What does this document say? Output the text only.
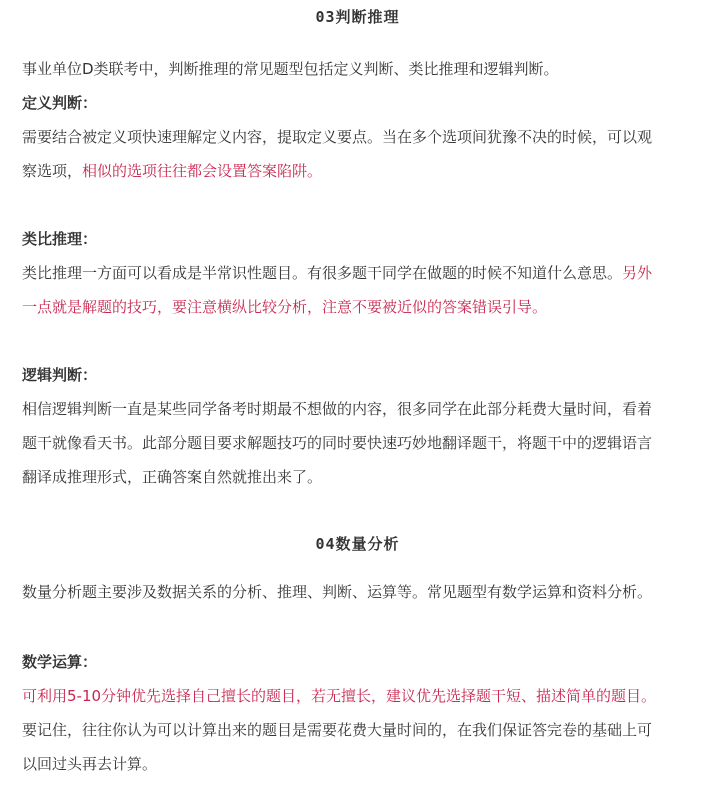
03判断推理
事业单位D类联考中，判断推理的常见题型包括定义判断、类比推理和逻辑判断。
定义判断：
需要结合被定义项快速理解定义内容，提取定义要点。当在多个选项间犹豫不决的时候，可以观
察选项，相似的选项往往都会设置答案陷阱。
类比推理：
类比推理一方面可以看成是半常识性题目。有很多题干同学在做题的时候不知道什么意思。另外
一点就是解题的技巧，要注意横纵比较分析，注意不要被近似的答案错误引导。
逻辑判断：
相信逻辑判断一直是某些同学备考时期最不想做的内容，很多同学在此部分耗费大量时间，看着
题干就像看天书。此部分题目要求解题技巧的同时要快速巧妙地翻译题干，将题干中的逻辑语言
翻译成推理形式，正确答案自然就推出来了。
04数量分析
数量分析题主要涉及数据关系的分析、推理、判断、运算等。常见题型有数学运算和资料分析。
数学运算：
可利用5-10分钟优先选择自己擅长的题目，若无擅长，建议优先选择题干短、描述简单的题目。
要记住，往往你认为可以计算出来的题目是需要花费大量时间的，在我们保证答完卷的基础上可
以回过头再去计算。
